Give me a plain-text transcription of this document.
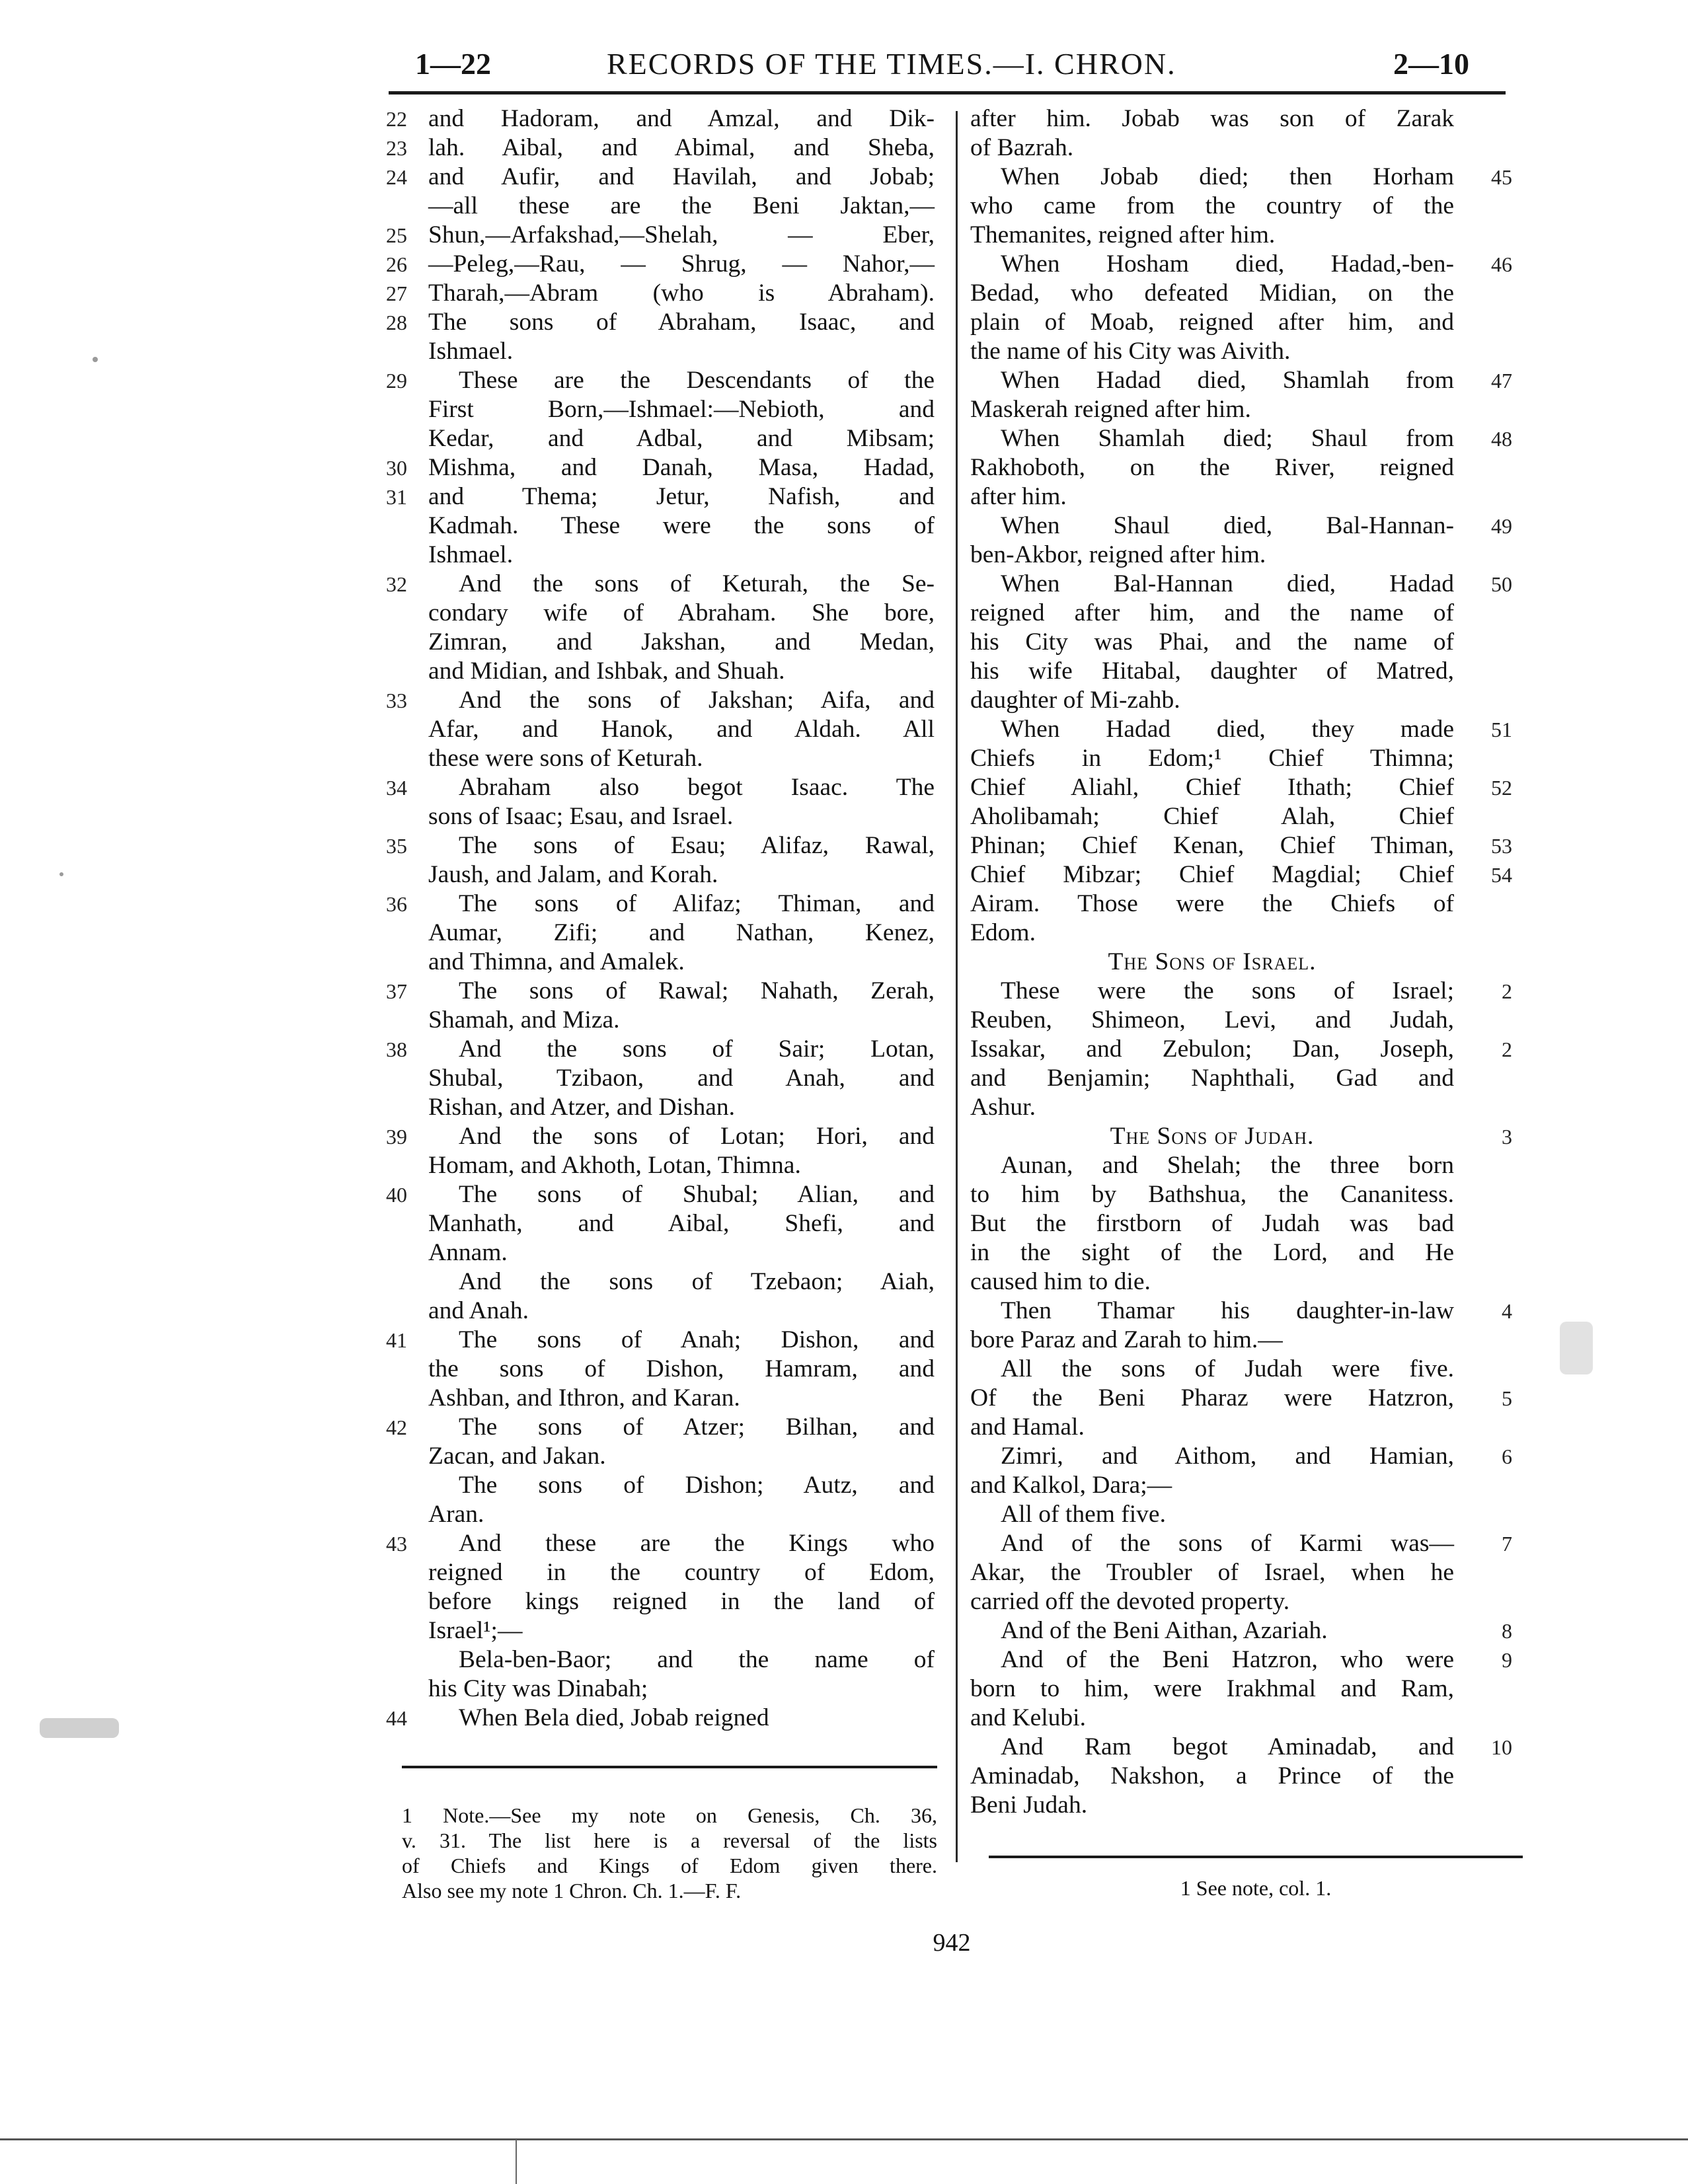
1—22	RECORDS OF THE TIMES.—I. CHRON.	2—10
22 and Hadoram, and Amzal, and Dik-
23 lah. Aibal, and Abimal, and Sheba,
24 and Aufir, and Havilah, and Jobab;
—all these are the Beni Jaktan,—
25 Shun,—Arfakshad,—Shelah, — Eber,
26 —Peleg,—Rau, — Shrug, — Nahor,—
27 Tharah,—Abram (who is Abraham).
28 The sons of Abraham, Isaac, and
Ishmael.
29	These are the Descendants of the
First Born,—Ishmael:—Nebioth, and
Kedar, and Adbal, and Mibsam;
30 Mishma, and Danah, Masa, Hadad,
31 and Thema; Jetur, Nafish, and
Kadmah. These were the sons of
Ishmael.
32	And the sons of Keturah, the Se-
condary wife of Abraham. She bore,
Zimran, and Jakshan, and Medan,
and Midian, and Ishbak, and Shuah.
33	And the sons of Jakshan; Aifa, and
Afar, and Hanok, and Aldah. All
these were sons of Keturah.
34	Abraham also begot Isaac. The
sons of Isaac; Esau, and Israel.
35	The sons of Esau; Alifaz, Rawal,
Jaush, and Jalam, and Korah.
36	The sons of Alifaz; Thiman, and
Aumar, Zifi; and Nathan, Kenez,
and Thimna, and Amalek.
37	The sons of Rawal; Nahath, Zerah,
Shamah, and Miza.
38	And the sons of Sair; Lotan,
Shubal, Tzibaon, and Anah, and
Rishan, and Atzer, and Dishan.
39	And the sons of Lotan; Hori, and
Homam, and Akhoth, Lotan, Thimna.
40	The sons of Shubal; Alian, and
Manhath, and Aibal, Shefi, and
Annam.
And the sons of Tzebaon; Aiah,
and Anah.
41	The sons of Anah; Dishon, and
the sons of Dishon, Hamram, and
Ashban, and Ithron, and Karan.
42	The sons of Atzer; Bilhan, and
Zacan, and Jakan.
The sons of Dishon; Autz, and
Aran.
43	And these are the Kings who
reigned in the country of Edom,
before kings reigned in the land of
Israel¹;—
Bela-ben-Baor; and the name of
his City was Dinabah;
44	When Bela died, Jobab reigned
after him. Jobab was son of Zarak
of Bazrah.
When Jobab died; then Horham	45
who came from the country of the
Themanites, reigned after him.
When Hosham died, Hadad,-ben-	46
Bedad, who defeated Midian, on the
plain of Moab, reigned after him, and
the name of his City was Aivith.
When Hadad died, Shamlah from	47
Maskerah reigned after him.
When Shamlah died; Shaul from	48
Rakhoboth, on the River, reigned
after him.
When Shaul died, Bal-Hannan-	49
ben-Akbor, reigned after him.
When Bal-Hannan died, Hadad	50
reigned after him, and the name of
his City was Phai, and the name of
his wife Hitabal, daughter of Matred,
daughter of Mi-zahb.
When Hadad died, they made	51
Chiefs in Edom;¹ Chief Thimna;
Chief Aliahl, Chief Ithath; Chief	52
Aholibamah; Chief Alah, Chief
Phinan; Chief Kenan, Chief Thiman,	53
Chief Mibzar; Chief Magdial; Chief	54
Airam. Those were the Chiefs of
Edom.
The Sons of Israel.
These were the sons of Israel;	2
Reuben, Shimeon, Levi, and Judah,
Issakar, and Zebulon; Dan, Joseph,	2
and Benjamin; Naphthali, Gad and
Ashur.
The Sons of Judah.	3
Aunan, and Shelah; the three born
to him by Bathshua, the Cananitess.
But the firstborn of Judah was bad
in the sight of the Lord, and He
caused him to die.
Then Thamar his daughter-in-law	4
bore Paraz and Zarah to him.—
All the sons of Judah were five.
Of the Beni Pharaz were Hatzron,	5
and Hamal.
Zimri, and Aithom, and Hamian,	6
and Kalkol, Dara;—
All of them five.
And of the sons of Karmi was—	7
Akar, the Troubler of Israel, when he
carried off the devoted property.
And of the Beni Aithan, Azariah.	8
And of the Beni Hatzron, who were	9
born to him, were Irakhmal and Ram,
and Kelubi.
And Ram begot Aminadab, and	10
Aminadab, Nakshon, a Prince of the
Beni Judah.
1 Note.—See my note on Genesis, Ch. 36,
v. 31. The list here is a reversal of the lists
of Chiefs and Kings of Edom given there.
Also see my note 1 Chron. Ch. 1.—F. F.	1 See note, col. 1.
942
